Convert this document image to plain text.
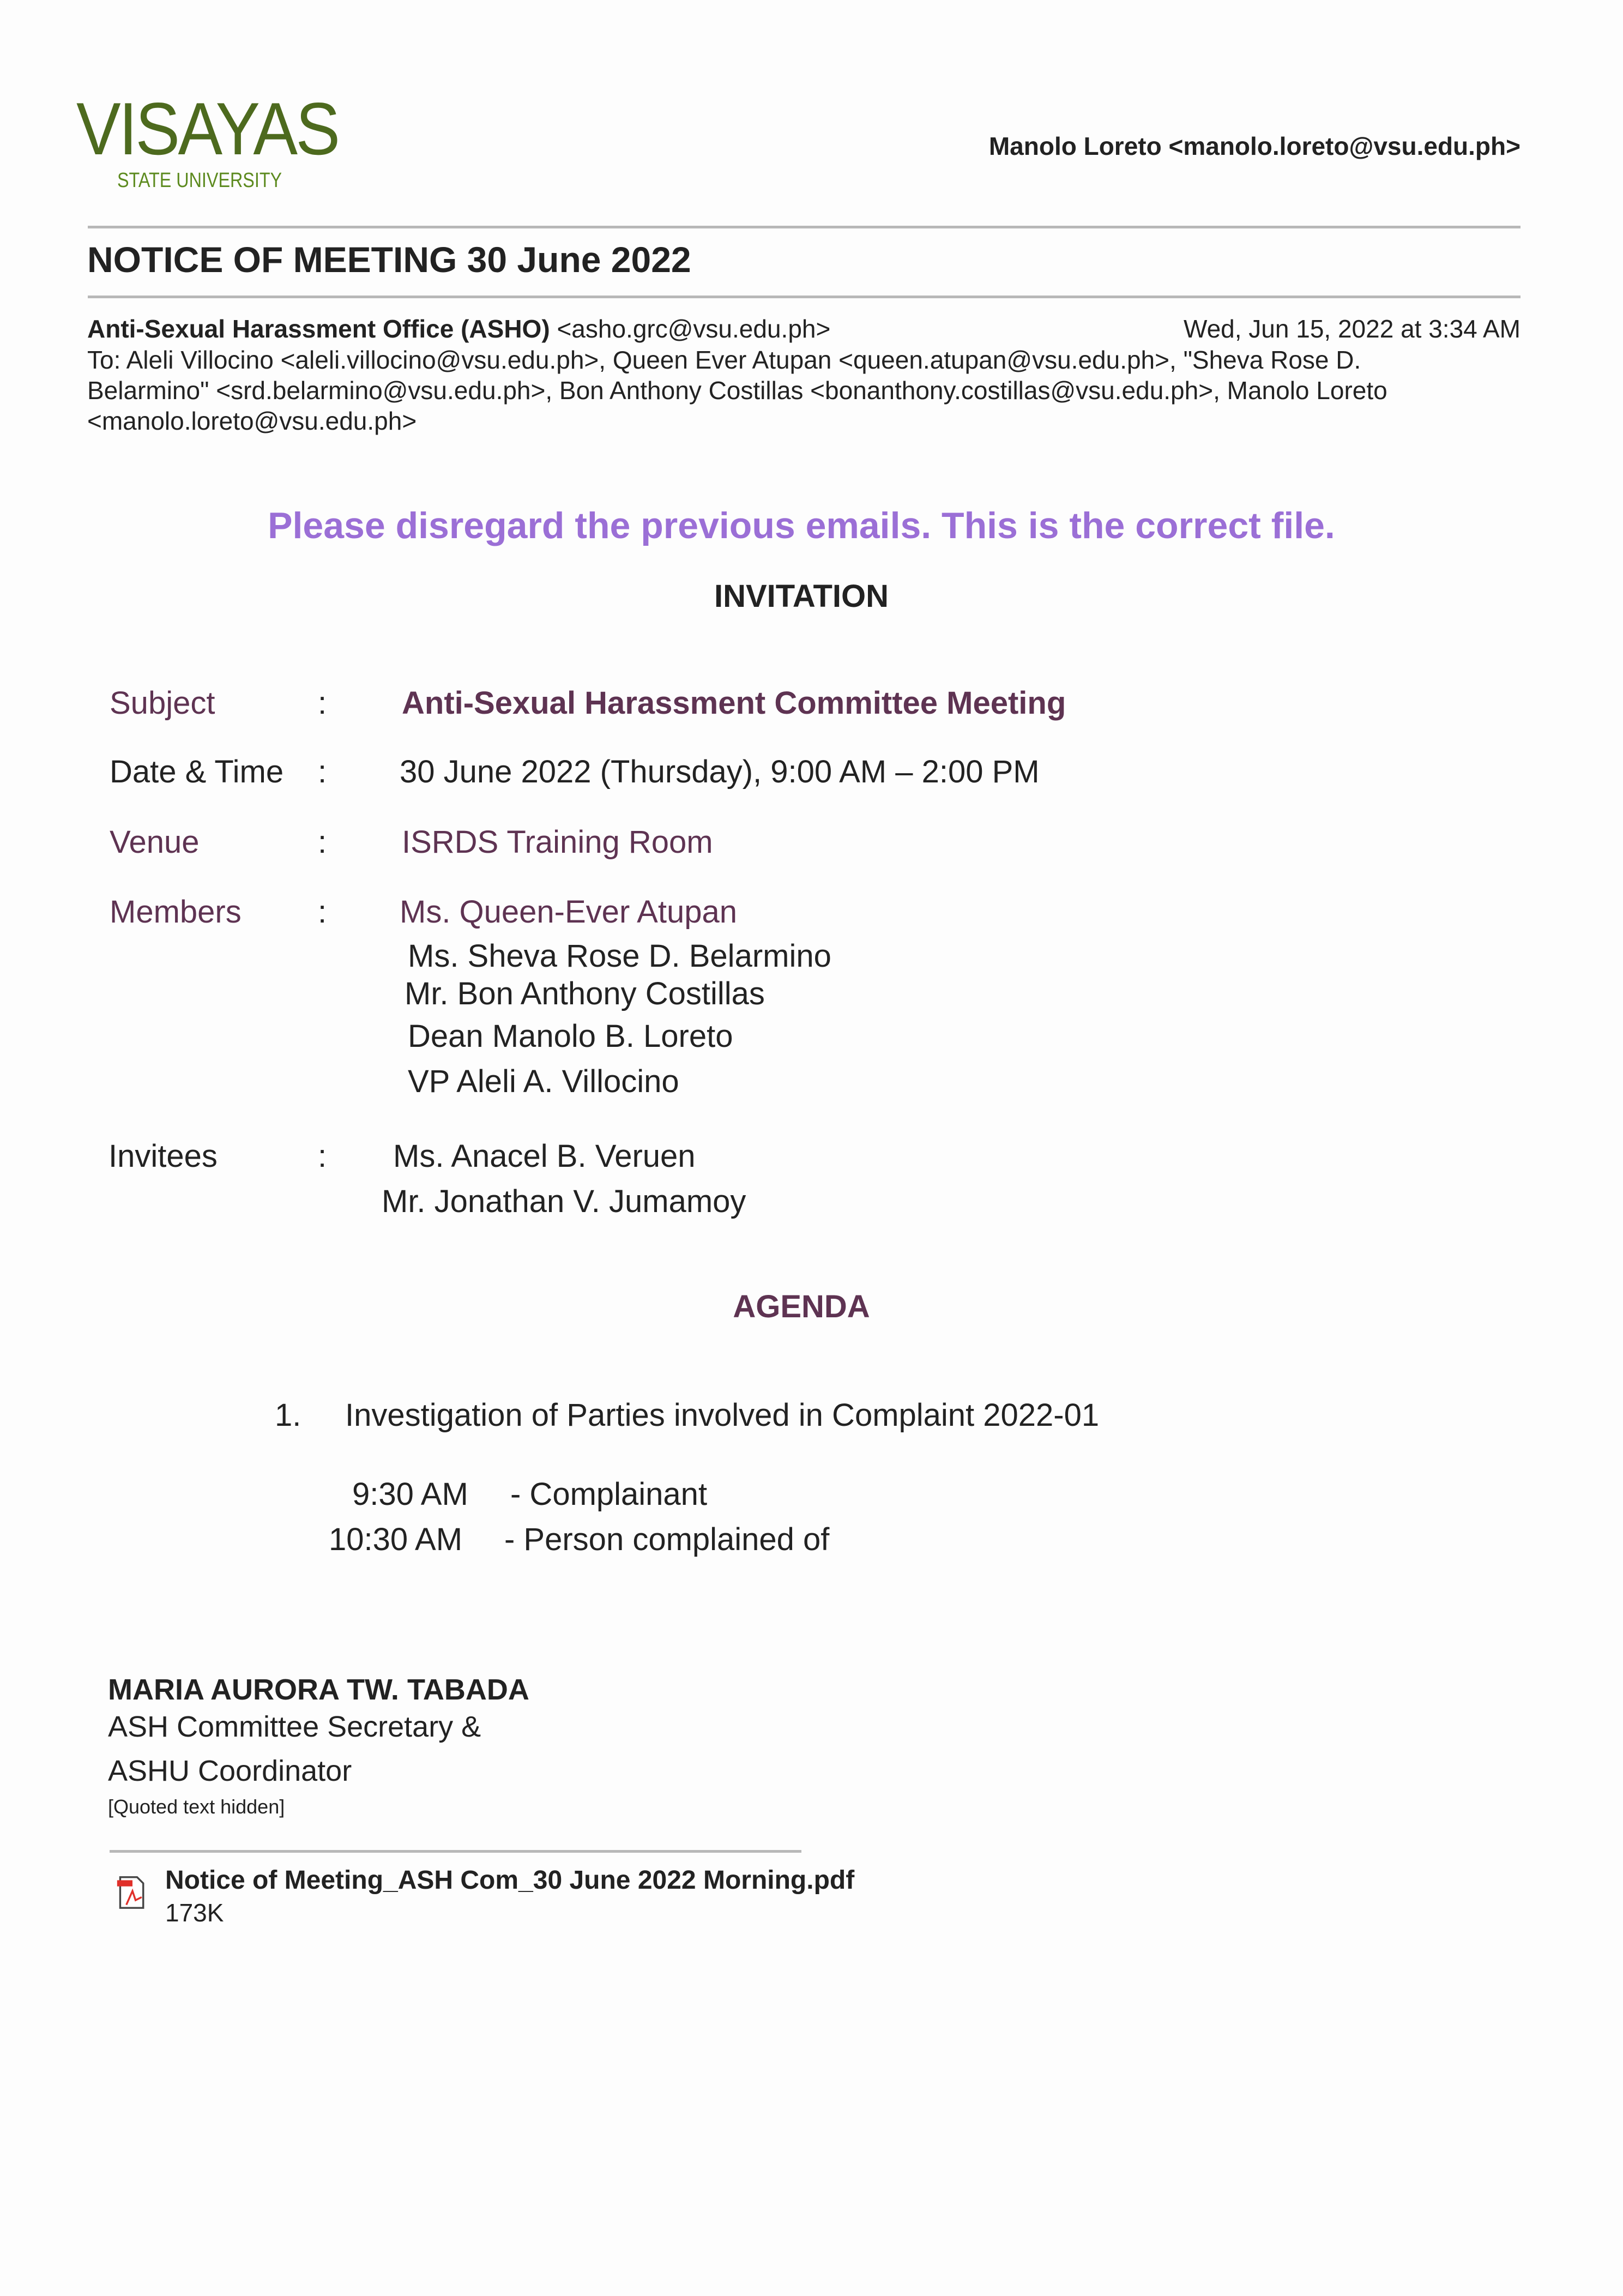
VISAYAS
STATE UNIVERSITY
Manolo Loreto <manolo.loreto@vsu.edu.ph>
NOTICE OF MEETING 30 June 2022
Anti-Sexual Harassment Office (ASHO) <asho.grc@vsu.edu.ph>	Wed, Jun 15, 2022 at 3:34 AM
To: Aleli Villocino <aleli.villocino@vsu.edu.ph>, Queen Ever Atupan <queen.atupan@vsu.edu.ph>, "Sheva Rose D.
Belarmino" <srd.belarmino@vsu.edu.ph>, Bon Anthony Costillas <bonanthony.costillas@vsu.edu.ph>, Manolo Loreto
<manolo.loreto@vsu.edu.ph>
Please disregard the previous emails. This is the correct file.
INVITATION
Subject	: Anti-Sexual Harassment Committee Meeting
Date & Time : 30 June 2022 (Thursday), 9:00 AM – 2:00 PM
Venue	: ISRDS Training Room
Members : Ms. Queen-Ever Atupan
Ms. Sheva Rose D. Belarmino
Mr. Bon Anthony Costillas
Dean Manolo B. Loreto
VP Aleli A. Villocino
Invitees	: Ms. Anacel B. Veruen
Mr. Jonathan V. Jumamoy
AGENDA
1. Investigation of Parties involved in Complaint 2022-01
9:30 AM - Complainant
10:30 AM - Person complained of
MARIA AURORA TW. TABADA
ASH Committee Secretary &
ASHU Coordinator
[Quoted text hidden]
Notice of Meeting_ASH Com_30 June 2022 Morning.pdf
173K
